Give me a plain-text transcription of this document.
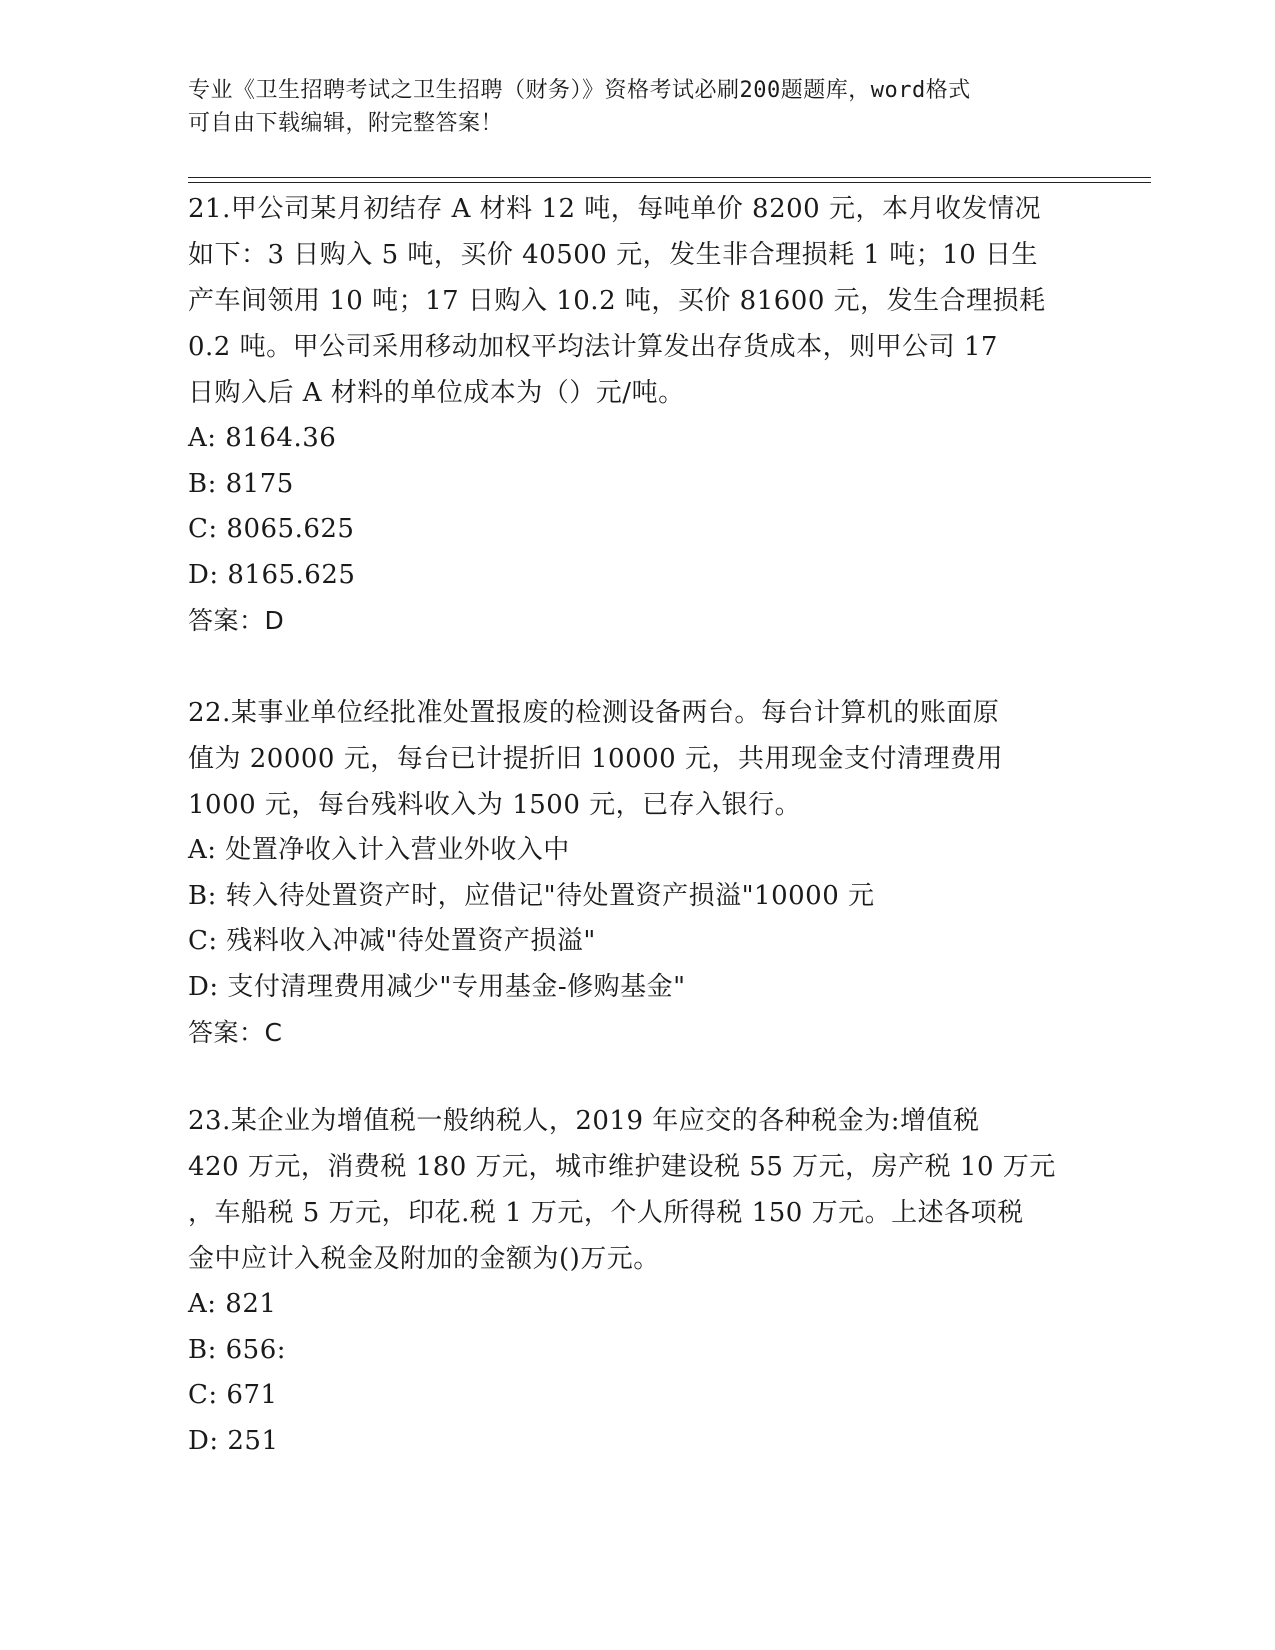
专业《卫生招聘考试之卫生招聘（财务）》资格考试必刷200题题库，word格式
可自由下载编辑，附完整答案！
21.甲公司某月初结存 A 材料 12 吨，每吨单价 8200 元，本月收发情况
如下：3 日购入 5 吨，买价 40500 元，发生非合理损耗 1 吨；10 日生
产车间领用 10 吨；17 日购入 10.2 吨，买价 81600 元，发生合理损耗
0.2 吨。甲公司采用移动加权平均法计算发出存货成本，则甲公司 17
日购入后 A 材料的单位成本为（）元/吨。
A: 8164.36
B: 8175
C: 8065.625
D: 8165.625
答案：D
22.某事业单位经批准处置报废的检测设备两台。每台计算机的账面原
值为 20000 元，每台已计提折旧 10000 元，共用现金支付清理费用
1000 元，每台残料收入为 1500 元，已存入银行。
A: 处置净收入计入营业外收入中
B: 转入待处置资产时，应借记"待处置资产损溢"10000 元
C: 残料收入冲减"待处置资产损溢"
D: 支付清理费用减少"专用基金-修购基金"
答案：C
23.某企业为增值税一般纳税人，2019 年应交的各种税金为:增值税
420 万元，消费税 180 万元，城市维护建设税 55 万元，房产税 10 万元
，车船税 5 万元，印花.税 1 万元，个人所得税 150 万元。上述各项税
金中应计入税金及附加的金额为()万元。
A: 821
B: 656:
C: 671
D: 251
